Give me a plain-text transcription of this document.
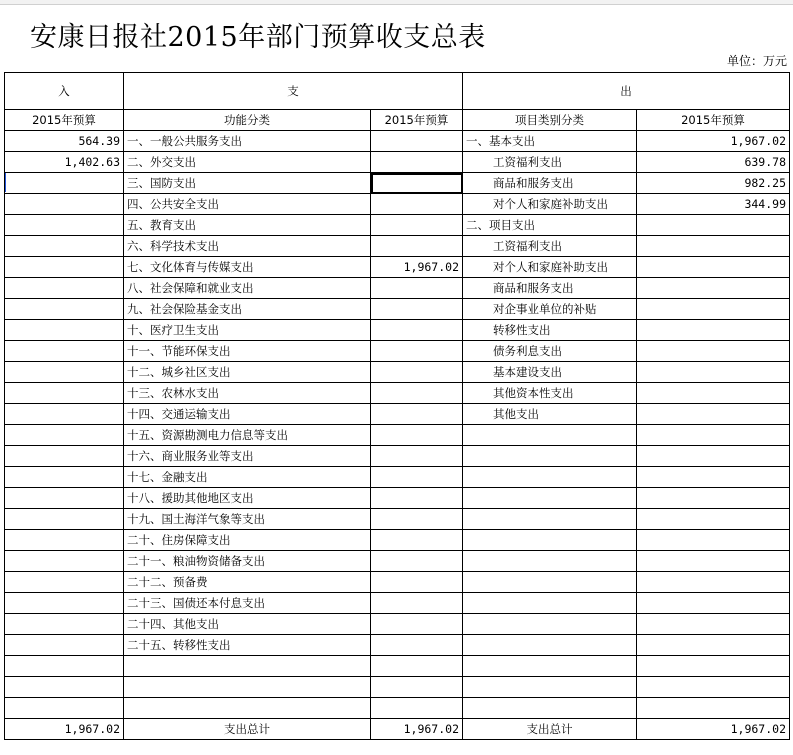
安康日报社2015年部门预算收支总表
单位：万元
入	支		出	
2015年预算	功能分类	2015年预算	项目类别分类	2015年预算
564.39	一、一般公共服务支出		一、基本支出	1,967.02
1,402.63	二、外交支出		工资福利支出	639.78
	三、国防支出		商品和服务支出	982.25
	四、公共安全支出		对个人和家庭补助支出	344.99
	五、教育支出		二、项目支出	
	六、科学技术支出		工资福利支出	
	七、文化体育与传媒支出	1,967.02	对个人和家庭补助支出	
	八、社会保障和就业支出		商品和服务支出	
	九、社会保险基金支出		对企事业单位的补贴	
	十、医疗卫生支出		转移性支出	
	十一、节能环保支出		债务利息支出	
	十二、城乡社区支出		基本建设支出	
	十三、农林水支出		其他资本性支出	
	十四、交通运输支出		其他支出	
	十五、资源勘测电力信息等支出			
	十六、商业服务业等支出			
	十七、金融支出			
	十八、援助其他地区支出			
	十九、国土海洋气象等支出			
	二十、住房保障支出			
	二十一、粮油物资储备支出			
	二十二、预备费			
	二十三、国债还本付息支出			
	二十四、其他支出			
	二十五、转移性支出			

1,967.02	支出总计	1,967.02	支出总计	1,967.02
